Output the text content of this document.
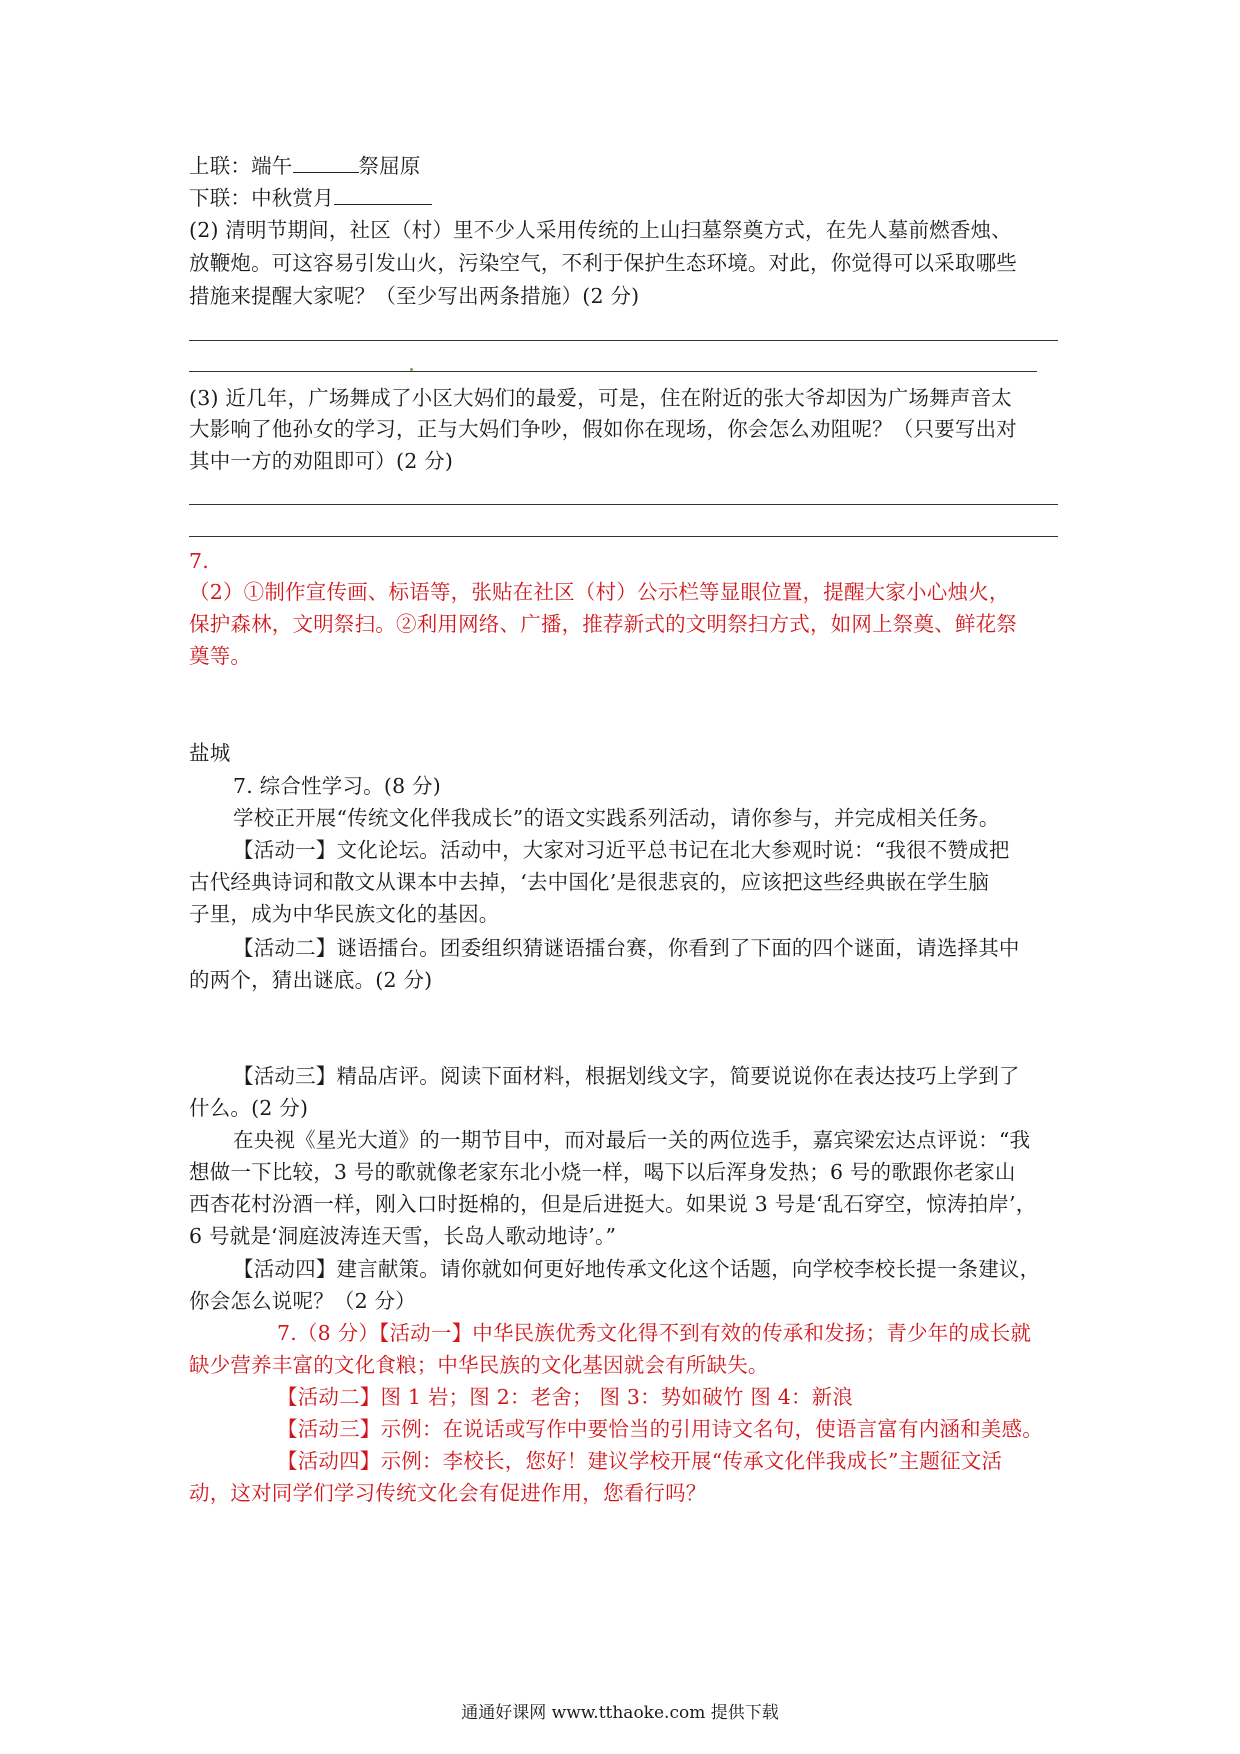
上联：端午	祭屈原
下联：中秋赏月
(2) 清明节期间，社区（村）里不少人采用传统的上山扫墓祭奠方式，在先人墓前燃香烛、
放鞭炮。可这容易引发山火，污染空气，不利于保护生态环境。对此，你觉得可以采取哪些
措施来提醒大家呢？（至少写出两条措施）(2 分)
(3) 近几年，广场舞成了小区大妈们的最爱，可是，住在附近的张大爷却因为广场舞声音太
大影响了他孙女的学习，正与大妈们争吵，假如你在现场，你会怎么劝阻呢？（只要写出对
其中一方的劝阻即可）(2 分)
7.
（2）①制作宣传画、标语等，张贴在社区（村）公示栏等显眼位置，提醒大家小心烛火，
保护森林，文明祭扫。②利用网络、广播，推荐新式的文明祭扫方式，如网上祭奠、鲜花祭
奠等。
盐城
7. 综合性学习。(8 分)
学校正开展“传统文化伴我成长”的语文实践系列活动，请你参与，并完成相关任务。
【活动一】文化论坛。活动中，大家对习近平总书记在北大参观时说：“我很不赞成把
古代经典诗词和散文从课本中去掉，‘去中国化’是很悲哀的，应该把这些经典嵌在学生脑
子里，成为中华民族文化的基因。
【活动二】谜语擂台。团委组织猜谜语擂台赛，你看到了下面的四个谜面，请选择其中
的两个，猜出谜底。(2 分)
【活动三】精品店评。阅读下面材料，根据划线文字，简要说说你在表达技巧上学到了
什么。(2 分)
在央视《星光大道》的一期节目中，而对最后一关的两位选手，嘉宾梁宏达点评说：“我
想做一下比较，3 号的歌就像老家东北小烧一样，喝下以后浑身发热；6 号的歌跟你老家山
西杏花村汾酒一样，刚入口时挺棉的，但是后进挺大。如果说 3 号是‘乱石穿空，惊涛拍岸’，
6 号就是‘洞庭波涛连天雪，长岛人歌动地诗’。”
【活动四】建言献策。请你就如何更好地传承文化这个话题，向学校李校长提一条建议，
你会怎么说呢？（2 分）
7.（8 分）【活动一】中华民族优秀文化得不到有效的传承和发扬；青少年的成长就
缺少营养丰富的文化食粮；中华民族的文化基因就会有所缺失。
【活动二】图 1 岩；图 2：老舍； 图 3：势如破竹 图 4：新浪
【活动三】示例：在说话或写作中要恰当的引用诗文名句，使语言富有内涵和美感。
【活动四】示例：李校长，您好！建议学校开展“传承文化伴我成长”主题征文活
动，这对同学们学习传统文化会有促进作用，您看行吗？
通通好课网 www.tthaoke.com 提供下载
